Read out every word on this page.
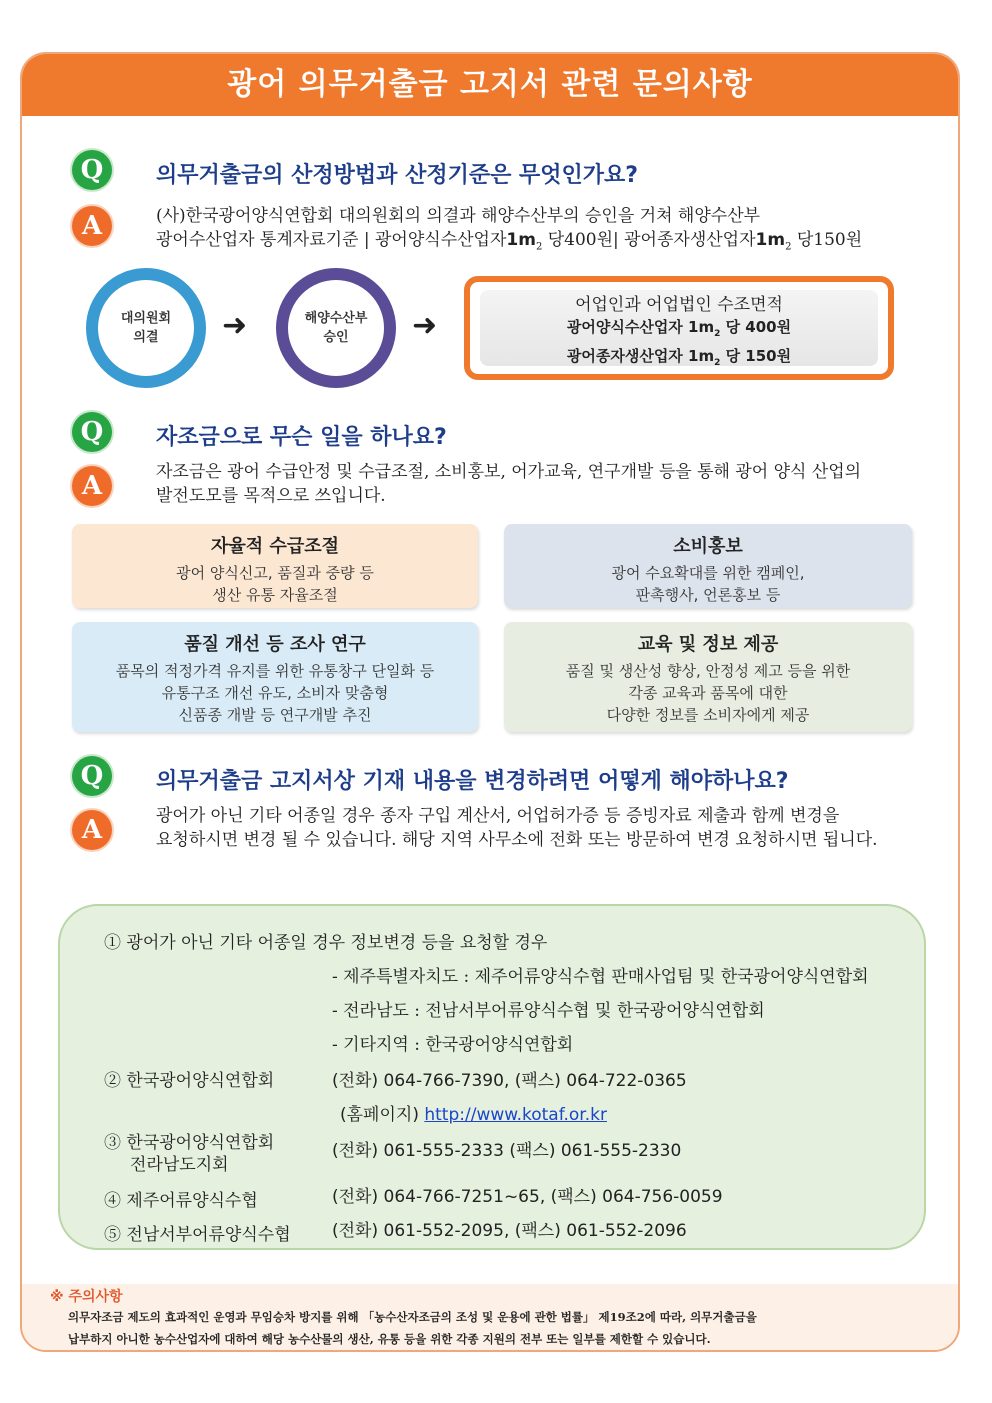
광어 의무거출금 고지서 관련 문의사항
Q	의무거출금의 산정방법과 산정기준은 무엇인가요?
A	(사)한국광어양식연합회 대의원회의 의결과 해양수산부의 승인을 거쳐 해양수산부
광어수산업자 통계자료기준 | 광어양식수산업자$1m_2$ 당400원| 광어종자생산업자$1m_2$ 당150원
대의원회
의결	➜	해양수산부
승인	➜
어업인과 어업법인 수조면적
광어양식수산업자 $1m_2$ 당 400원
광어종자생산업자 $1m_2$ 당 150원
Q	자조금으로 무슨 일을 하나요?
A	자조금은 광어 수급안정 및 수급조절, 소비홍보, 어가교육, 연구개발 등을 통해 광어 양식 산업의
발전도모를 목적으로 쓰입니다.
자율적 수급조절
광어 양식신고, 품질과 중량 등
생산 유통 자율조절
소비홍보
광어 수요확대를 위한 캠페인,
판촉행사, 언론홍보 등
품질 개선 등 조사 연구
품목의 적정가격 유지를 위한 유통창구 단일화 등
유통구조 개선 유도, 소비자 맞춤형
신품종 개발 등 연구개발 추진
교육 및 정보 제공
품질 및 생산성 향상, 안정성 제고 등을 위한
각종 교육과 품목에 대한
다양한 정보를 소비자에게 제공
Q	의무거출금 고지서상 기재 내용을 변경하려면 어떻게 해야하나요?
A	광어가 아닌 기타 어종일 경우 종자 구입 계산서, 어업허가증 등 증빙자료 제출과 함께 변경을
요청하시면 변경 될 수 있습니다. 해당 지역 사무소에 전화 또는 방문하여 변경 요청하시면 됩니다.
※ 주의사항
의무자조금 제도의 효과적인 운영과 무임승차 방지를 위해 「농수산자조금의 조성 및 운용에 관한 법률」 제19조2에 따라, 의무거출금을
납부하지 아니한 농수산업자에 대하여 해당 농수산물의 생산, 유통 등을 위한 각종 지원의 전부 또는 일부를 제한할 수 있습니다.
① 광어가 아닌 기타 어종일 경우 정보변경 등을 요청할 경우
- 제주특별자치도 : 제주어류양식수협 판매사업팀 및 한국광어양식연합회
- 전라남도 : 전남서부어류양식수협 및 한국광어양식연합회
- 기타지역 : 한국광어양식연합회
② 한국광어양식연합회	(전화) 064-766-7390, (팩스) 064-722-0365
(홈페이지) http://www.kotaf.or.kr
③ 한국광어양식연합회
전라남도지회
(전화) 061-555-2333 (팩스) 061-555-2330
④ 제주어류양식수협	(전화) 064-766-7251~65, (팩스) 064-756-0059
⑤ 전남서부어류양식수협 (전화) 061-552-2095, (팩스) 061-552-2096
